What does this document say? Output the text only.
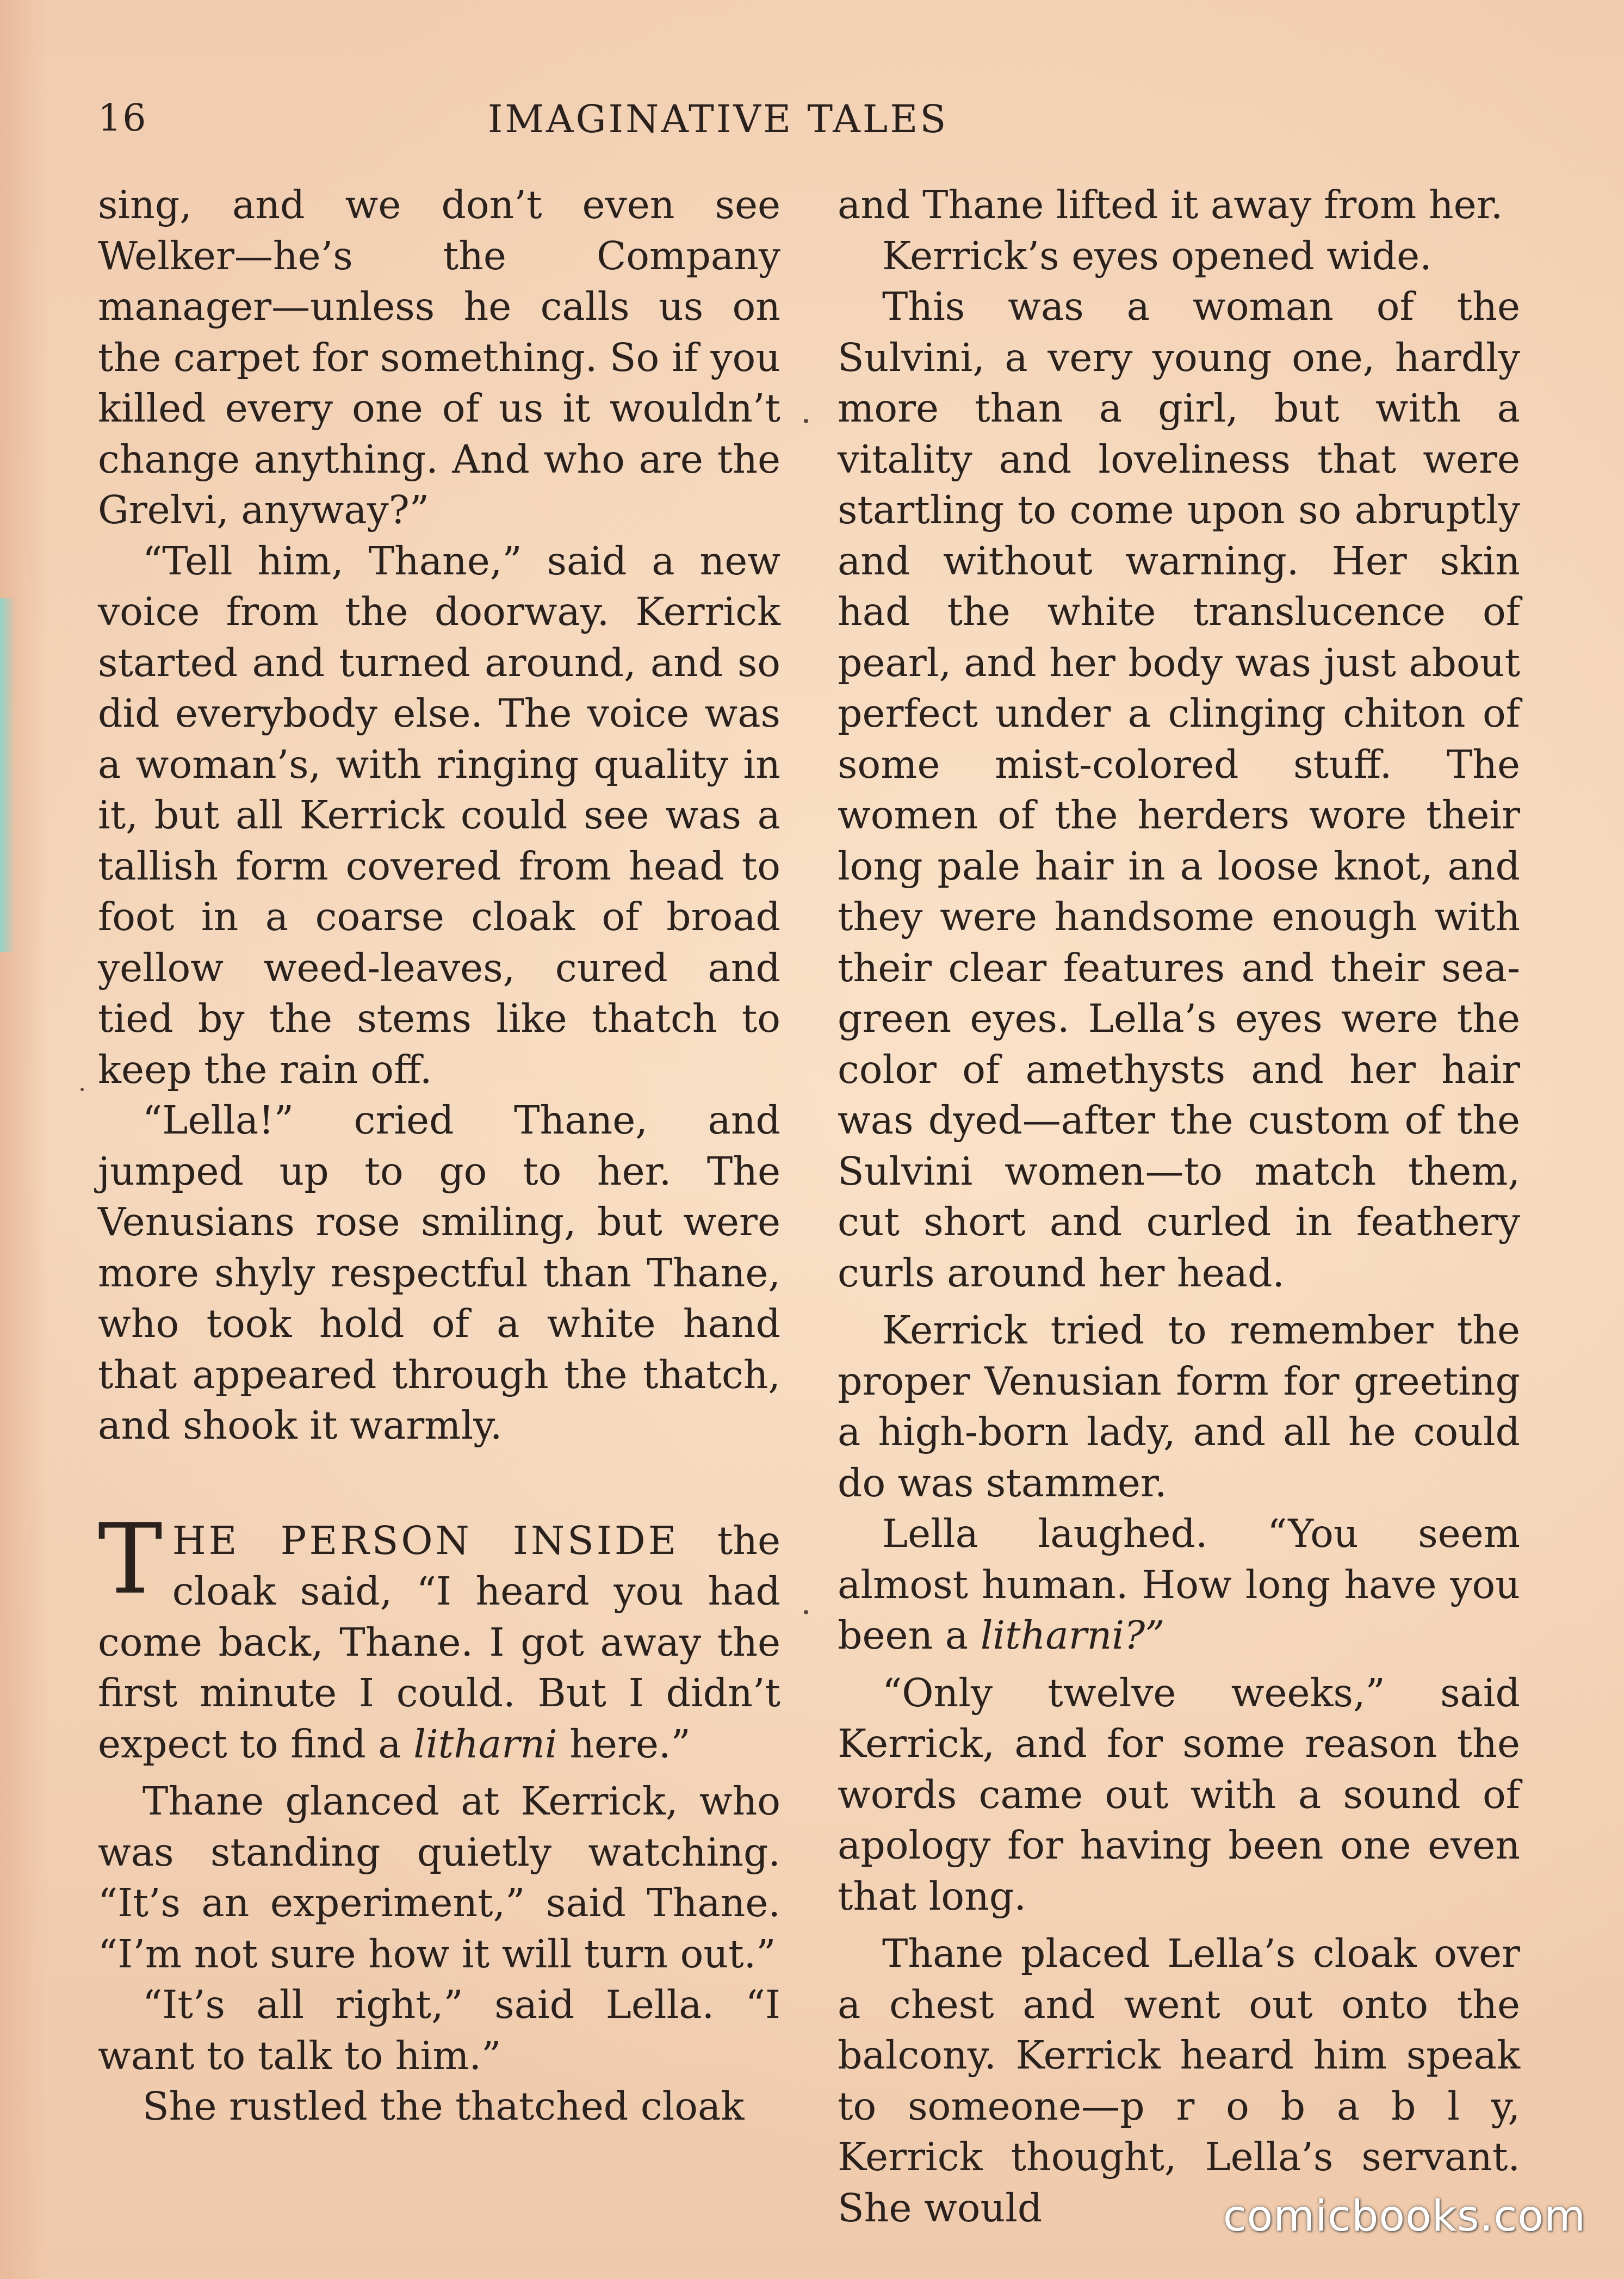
16	IMAGINATIVE TALES

sing, and we don’t even see Welker—he’s the Company manager—unless he calls us on the carpet for something. So if you killed every one of us it wouldn’t change anything. And who are the Grelvi, anyway?”

“Tell him, Thane,” said a new voice from the doorway. Kerrick started and turned around, and so did everybody else. The voice was a woman’s, with ringing quality in it, but all Kerrick could see was a tallish form covered from head to foot in a coarse cloak of broad yellow weed-leaves, cured and tied by the stems like thatch to keep the rain off.

“Lella!” cried Thane, and jumped up to go to her. The Venusians rose smiling, but were more shyly respectful than Thane, who took hold of a white hand that appeared through the thatch, and shook it warmly.

THE PERSON INSIDE the cloak said, “I heard you had come back, Thane. I got away the first minute I could. But I didn’t expect to find a litharni here.”

Thane glanced at Kerrick, who was standing quietly watching. “It’s an experiment,” said Thane. “I’m not sure how it will turn out.”

“It’s all right,” said Lella. “I want to talk to him.”

She rustled the thatched cloak

and Thane lifted it away from her.

Kerrick’s eyes opened wide.

This was a woman of the Sulvini, a very young one, hardly more than a girl, but with a vitality and loveliness that were startling to come upon so abruptly and without warning. Her skin had the white translucence of pearl, and her body was just about perfect under a clinging chiton of some mist-colored stuff. The women of the herders wore their long pale hair in a loose knot, and they were handsome enough with their clear features and their sea-green eyes. Lella’s eyes were the color of amethysts and her hair was dyed—after the custom of the Sulvini women—to match them, cut short and curled in feathery curls around her head.

Kerrick tried to remember the proper Venusian form for greeting a high-born lady, and all he could do was stammer.

Lella laughed. “You seem almost human. How long have you been a litharni?”

“Only twelve weeks,” said Kerrick, and for some reason the words came out with a sound of apology for having been one even that long.

Thane placed Lella’s cloak over a chest and went out onto the balcony. Kerrick heard him speak to someone—p r o b a b l y, Kerrick thought, Lella’s servant. She would	comicbooks.com
